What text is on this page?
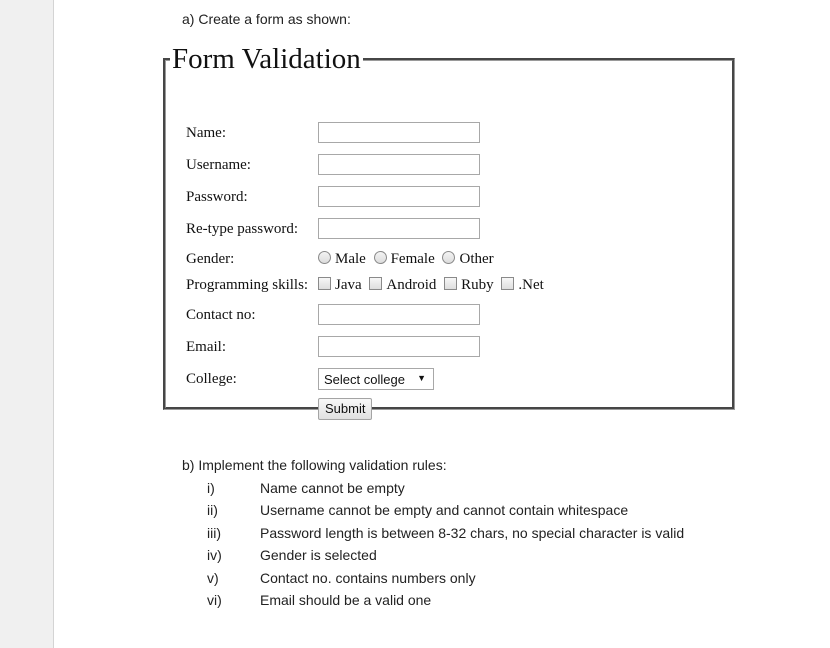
a) Create a form as shown:
Form Validation
Name:
Username:
Password:
Re-type password:
Gender:	Male Female Other
Programming skills:	Java Android Ruby .Net
Contact no:
Email:
College:	Select college ▼
Submit
b) Implement the following validation rules:
i)	Name cannot be empty
ii)	Username cannot be empty and cannot contain whitespace
iii)	Password length is between 8-32 chars, no special character is valid
iv)	Gender is selected
v)	Contact no. contains numbers only
vi)	Email should be a valid one
